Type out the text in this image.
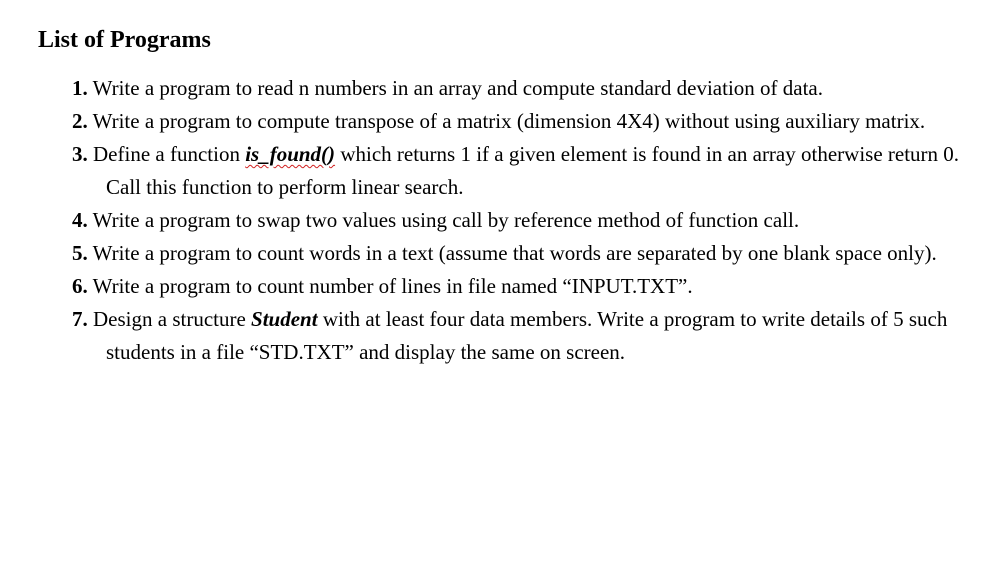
List of Programs
1. Write a program to read n numbers in an array and compute standard deviation of data.
2. Write a program to compute transpose of a matrix (dimension 4X4) without using auxiliary matrix.
3. Define a function is_found() which returns 1 if a given element is found in an array otherwise return 0. Call this function to perform linear search.
4. Write a program to swap two values using call by reference method of function call.
5. Write a program to count words in a text (assume that words are separated by one blank space only).
6. Write a program to count number of lines in file named “INPUT.TXT”.
7. Design a structure Student with at least four data members. Write a program to write details of 5 such students in a file “STD.TXT” and display the same on screen.
